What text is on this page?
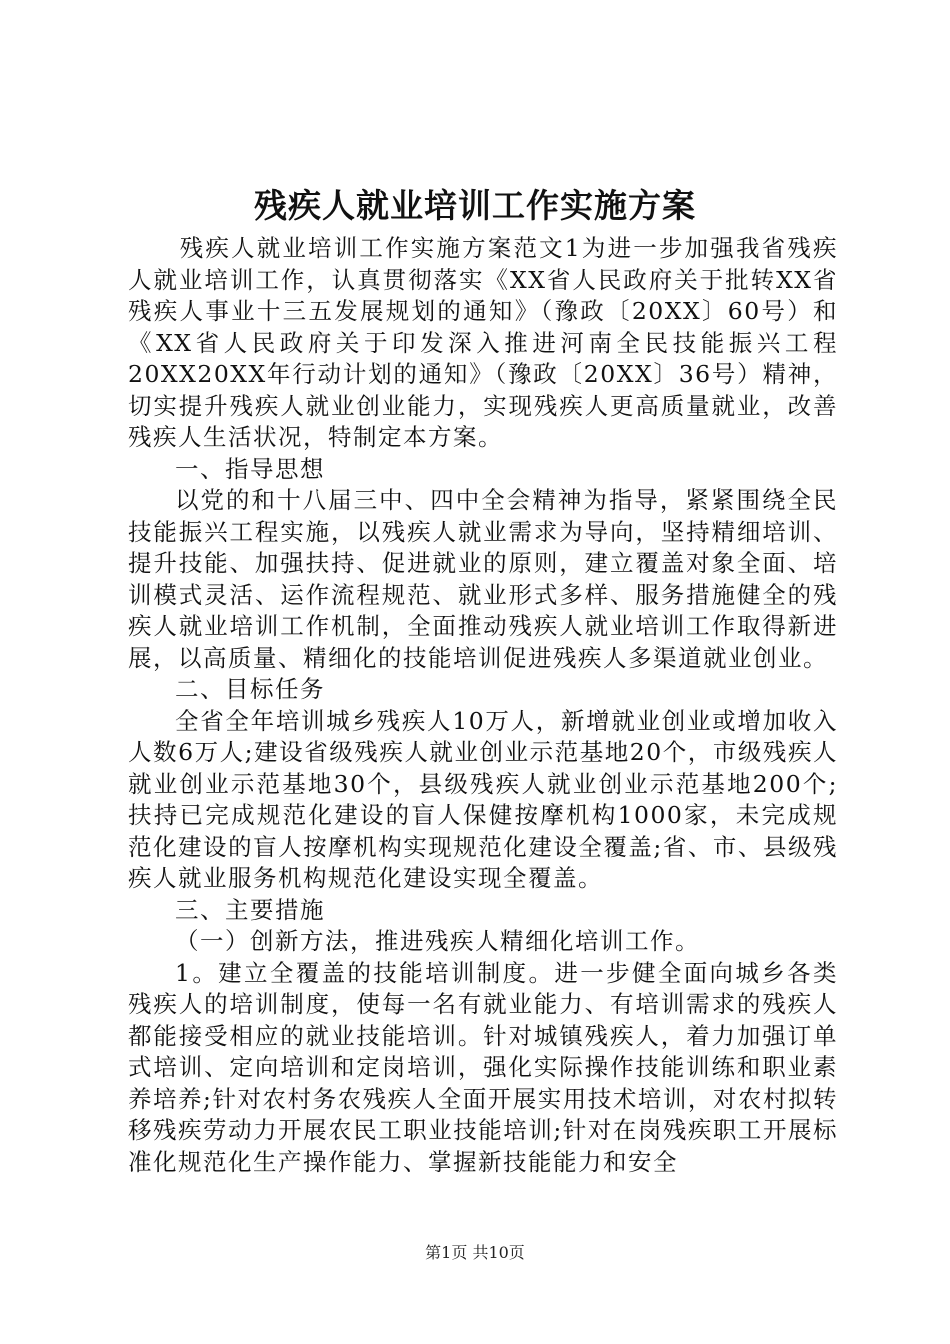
残疾人就业培训工作实施方案

残疾人就业培训工作实施方案范文1为进一步加强我省残疾人就业培训工作，认真贯彻落实《XX省人民政府关于批转XX省残疾人事业十三五发展规划的通知》（豫政〔20XX〕60号）和《XX省人民政府关于印发深入推进河南全民技能振兴工程20XX20XX年行动计划的通知》（豫政〔20XX〕36号）精神，切实提升残疾人就业创业能力，实现残疾人更高质量就业，改善残疾人生活状况，特制定本方案。

一、指导思想

以党的和十八届三中、四中全会精神为指导，紧紧围绕全民技能振兴工程实施，以残疾人就业需求为导向，坚持精细培训、提升技能、加强扶持、促进就业的原则，建立覆盖对象全面、培训模式灵活、运作流程规范、就业形式多样、服务措施健全的残疾人就业培训工作机制，全面推动残疾人就业培训工作取得新进展，以高质量、精细化的技能培训促进残疾人多渠道就业创业。

二、目标任务

全省全年培训城乡残疾人10万人，新增就业创业或增加收入人数6万人;建设省级残疾人就业创业示范基地20个，市级残疾人就业创业示范基地30个，县级残疾人就业创业示范基地200个;扶持已完成规范化建设的盲人保健按摩机构1000家，未完成规范化建设的盲人按摩机构实现规范化建设全覆盖;省、市、县级残疾人就业服务机构规范化建设实现全覆盖。

三、主要措施

（一）创新方法，推进残疾人精细化培训工作。

1。建立全覆盖的技能培训制度。进一步健全面向城乡各类残疾人的培训制度，使每一名有就业能力、有培训需求的残疾人都能接受相应的就业技能培训。针对城镇残疾人，着力加强订单式培训、定向培训和定岗培训，强化实际操作技能训练和职业素养培养;针对农村务农残疾人全面开展实用技术培训，对农村拟转移残疾劳动力开展农民工职业技能培训;针对在岗残疾职工开展标准化规范化生产操作能力、掌握新技能能力和安全

第1页 共10页
